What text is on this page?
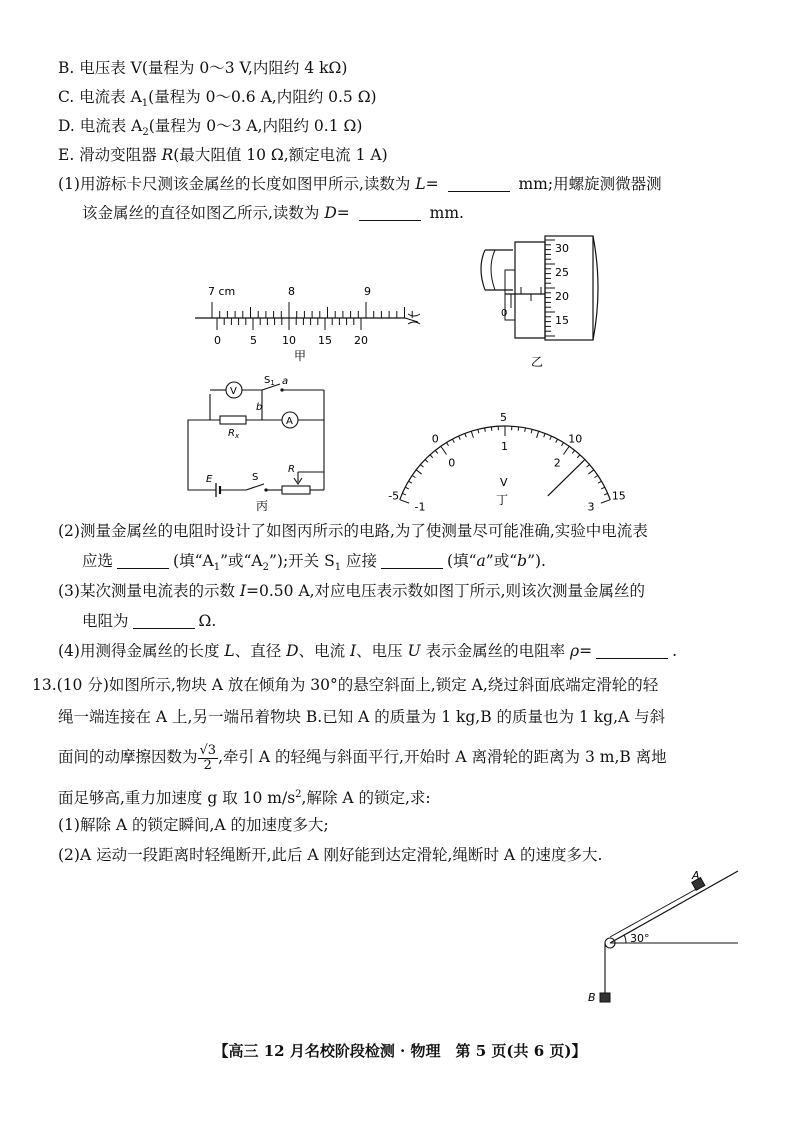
B. 电压表 V(量程为 0～3 V,内阻约 4 kΩ)
C. 电流表 $A_1$(量程为 0～0.6 A,内阻约 0.5 Ω)
D. 电流表 $A_2$(量程为 0～3 A,内阻约 0.1 Ω)
E. 滑动变阻器 R(最大阻值 10 Ω,额定电流 1 A)
(1)用游标卡尺测该金属丝的长度如图甲所示,读数为 L=	mm;用螺旋测微器测
该金属丝的直径如图乙所示,读数为 D=	mm.
7 cm	8	9
0	5 10 15 20
甲
0
30
25
20
15
乙
V
$S_1$ a
b
$R_x$
A
E	S
R
丙
-5
0
5
10
15
-1
0
1
2
3
V
丁
(2)测量金属丝的电阻时设计了如图丙所示的电路,为了使测量尽可能准确,实验中电流表
应选	(填“$A_1$”或“$A_2$”);开关 $S_1$ 应接	(填“a”或“b”).
(3)某次测量电流表的示数 I=0.50 A,对应电压表示数如图丁所示,则该次测量金属丝的
电阻为	Ω.
(4)用测得金属丝的长度 L、直径 D、电流 I、电压 U 表示金属丝的电阻率 ρ=	.
13.(10 分)如图所示,物块 A 放在倾角为 30°的悬空斜面上,锁定 A,绕过斜面底端定滑轮的轻
绳一端连接在 A 上,另一端吊着物块 B.已知 A 的质量为 1 kg,B 的质量也为 1 kg,A 与斜
面间的动摩擦因数为 $\frac{√3}{2}$ ,牵引 A 的轻绳与斜面平行,开始时 A 离滑轮的距离为 3 m,B 离地
面足够高,重力加速度 g 取 10 $m/s^2$,解除 A 的锁定,求:
(1)解除 A 的锁定瞬间,A 的加速度多大;
(2)A 运动一段距离时轻绳断开,此后 A 刚好能到达定滑轮,绳断时 A 的速度多大.
A
B
30°
【高三 12 月名校阶段检测 · 物理　第 5 页(共 6 页)】
